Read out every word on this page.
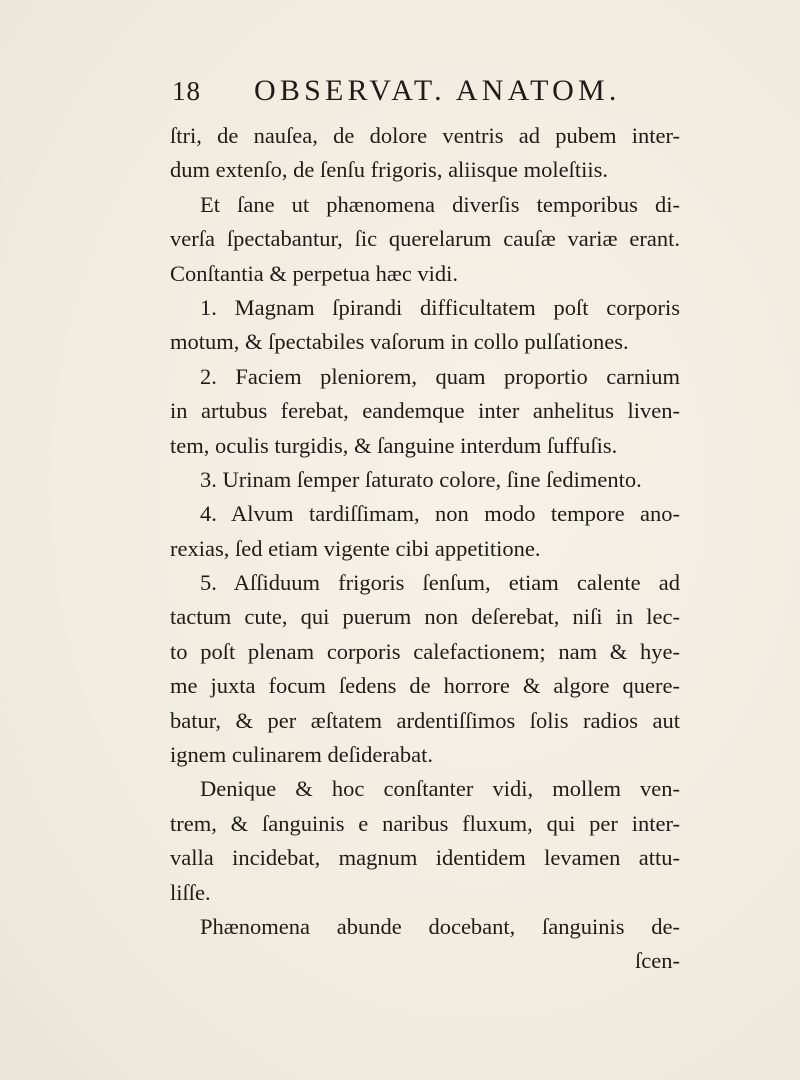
18 OBSERVAT. ANATOM.
ſtri, de nauſea, de dolore ventris ad pubem inter-
dum extenſo, de ſenſu frigoris, aliisque moleſtiis.
Et ſane ut phænomena diverſis temporibus di-
verſa ſpectabantur, ſic querelarum cauſæ variæ erant.
Conſtantia & perpetua hæc vidi.
1. Magnam ſpirandi difficultatem poſt corporis
motum, & ſpectabiles vaſorum in collo pulſationes.
2. Faciem pleniorem, quam proportio carnium
in artubus ferebat, eandemque inter anhelitus liven-
tem, oculis turgidis, & ſanguine interdum ſuffuſis.
3. Urinam ſemper ſaturato colore, ſine ſedimento.
4. Alvum tardiſſimam, non modo tempore ano-
rexias, ſed etiam vigente cibi appetitione.
5. Aſſiduum frigoris ſenſum, etiam calente ad
tactum cute, qui puerum non deſerebat, niſi in lec-
to poſt plenam corporis calefactionem; nam & hye-
me juxta focum ſedens de horrore & algore quere-
batur, & per æſtatem ardentiſſimos ſolis radios aut
ignem culinarem deſiderabat.
Denique & hoc conſtanter vidi, mollem ven-
trem, & ſanguinis e naribus fluxum, qui per inter-
valla incidebat, magnum identidem levamen attu-
liſſe.
Phænomena abunde docebant, ſanguinis de-
ſcen-
